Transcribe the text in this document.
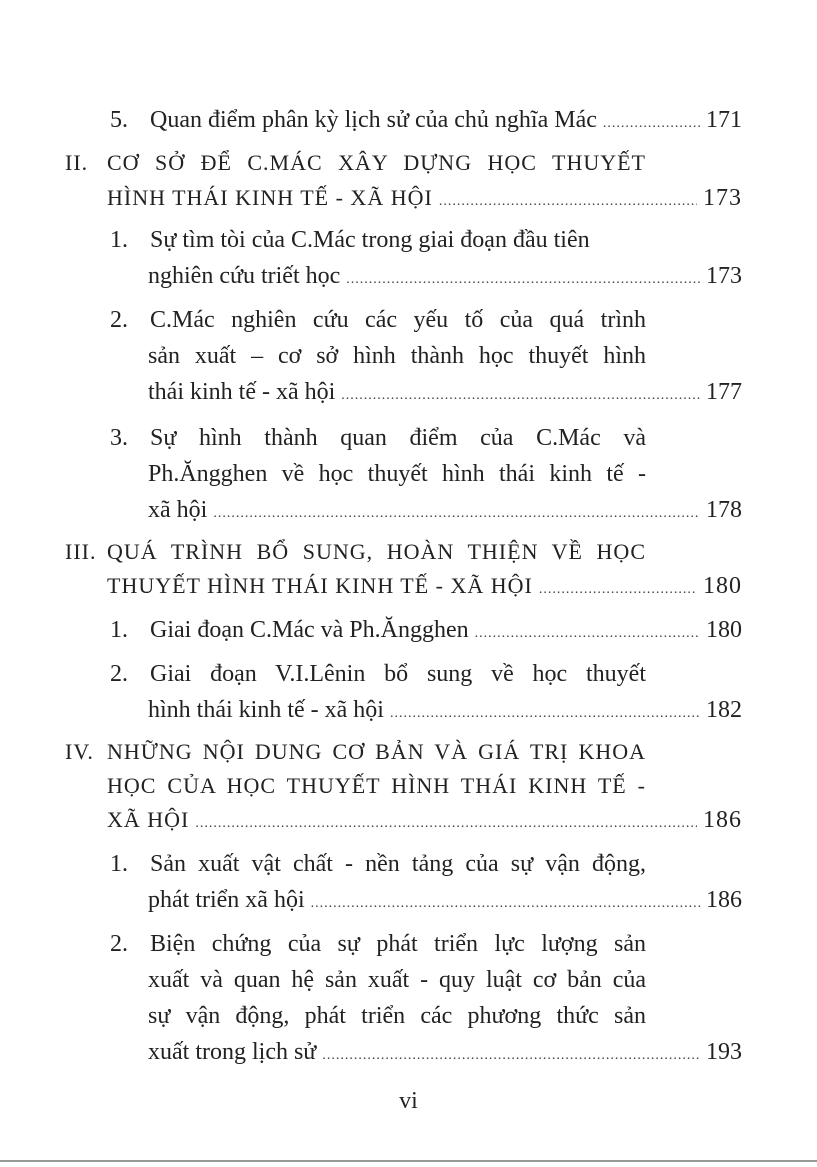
5. Quan điểm phân kỳ lịch sử của chủ nghĩa Mác .....	171
II. CƠ SỞ ĐỂ C.MÁC XÂY DỰNG HỌC THUYẾT
HÌNH THÁI KINH TẾ - XÃ HỘI .....	173
1. Sự tìm tòi của C.Mác trong giai đoạn đầu tiên
nghiên cứu triết học .....	173
2. C.Mác nghiên cứu các yếu tố của quá trình
sản xuất – cơ sở hình thành học thuyết hình
thái kinh tế - xã hội .....	177
3. Sự hình thành quan điểm của C.Mác và
Ph.Ăngghen về học thuyết hình thái kinh tế -
xã hội .....	178
III. QUÁ TRÌNH BỔ SUNG, HOÀN THIỆN VỀ HỌC
THUYẾT HÌNH THÁI KINH TẾ - XÃ HỘI .....	180
1. Giai đoạn C.Mác và Ph.Ăngghen .....	180
2. Giai đoạn V.I.Lênin bổ sung về học thuyết
hình thái kinh tế - xã hội .....	182
IV. NHỮNG NỘI DUNG CƠ BẢN VÀ GIÁ TRỊ KHOA
HỌC CỦA HỌC THUYẾT HÌNH THÁI KINH TẾ -
XÃ HỘI .....	186
1. Sản xuất vật chất - nền tảng của sự vận động,
phát triển xã hội .....	186
2. Biện chứng của sự phát triển lực lượng sản
xuất và quan hệ sản xuất - quy luật cơ bản của
sự vận động, phát triển các phương thức sản
xuất trong lịch sử .....	193
vi
